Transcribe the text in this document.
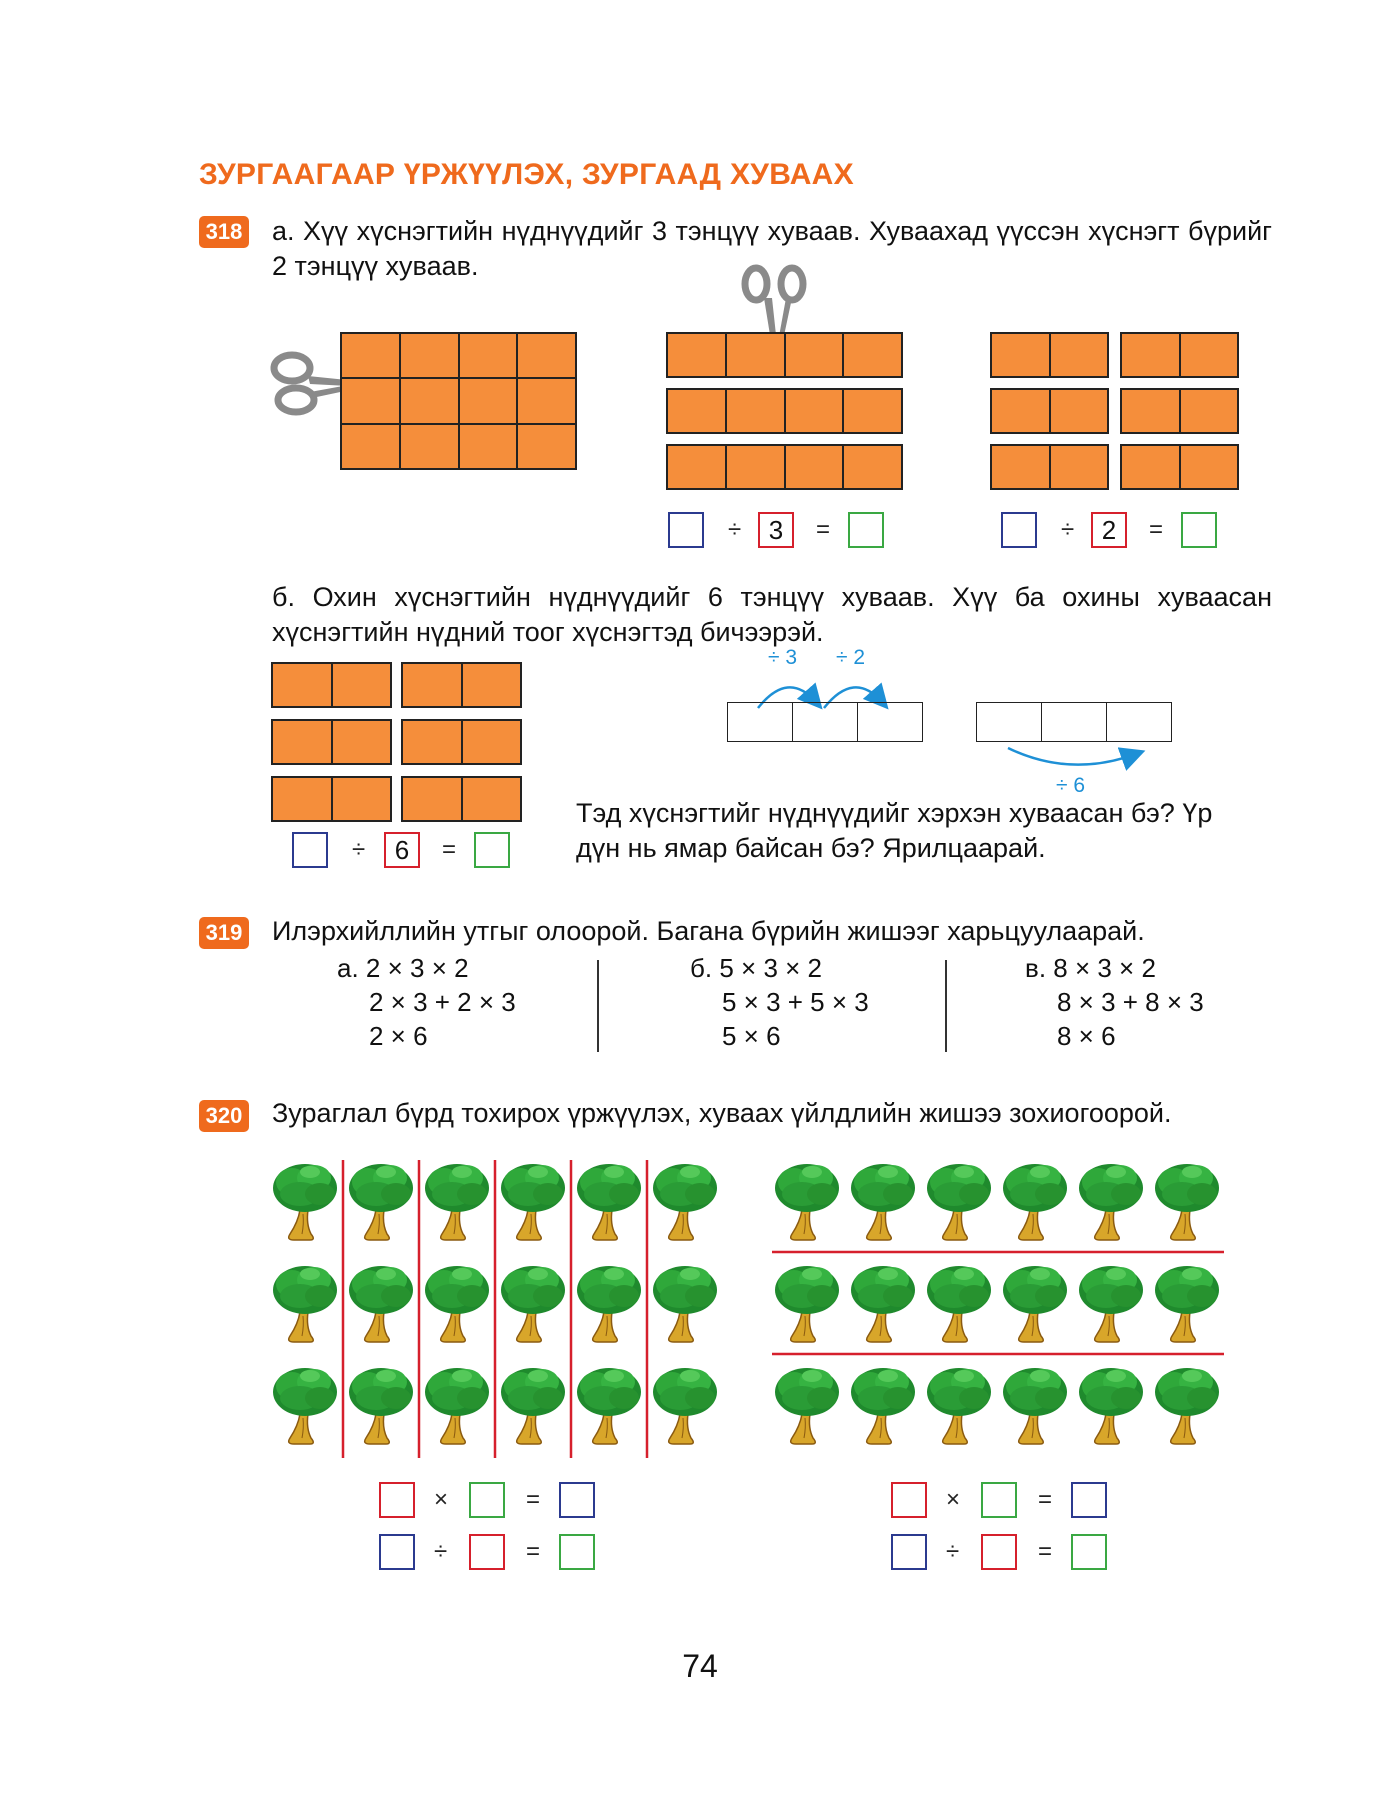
ЗУРГААГААР ҮРЖҮҮЛЭХ, ЗУРГААД ХУВААХ
318 а. Хүү хүснэгтийн нүднүүдийг 3 тэнцүү хуваав. Хуваахад үүссэн хүснэгт бүрийг 2 тэнцүү хуваав.
÷	3	=	÷	2	=
б. Охин хүснэгтийн нүднүүдийг 6 тэнцүү хуваав. Хүү ба охины хуваасан хүснэгтийн нүдний тоог хүснэгтэд бичээрэй.
÷	6	=
÷ 3 ÷ 2
÷ 6
Тэд хүснэгтийг нүднүүдийг хэрхэн хуваасан бэ? Үр дүн нь ямар байсан бэ? Ярилцаарай.
319 Илэрхийллийн утгыг олоорой. Багана бүрийн жишээг харьцуулаарай.
а. 2 × 3 × 2
2 × 3 + 2 × 3
2 × 6
б. 5 × 3 × 2
5 × 3 + 5 × 3
5 × 6
в. 8 × 3 × 2
8 × 3 + 8 × 3
8 × 6
320 Зураглал бүрд тохирох үржүүлэх, хуваах үйлдлийн жишээ зохиогоорой.
×	=
÷	=
×	=
÷	=
74
